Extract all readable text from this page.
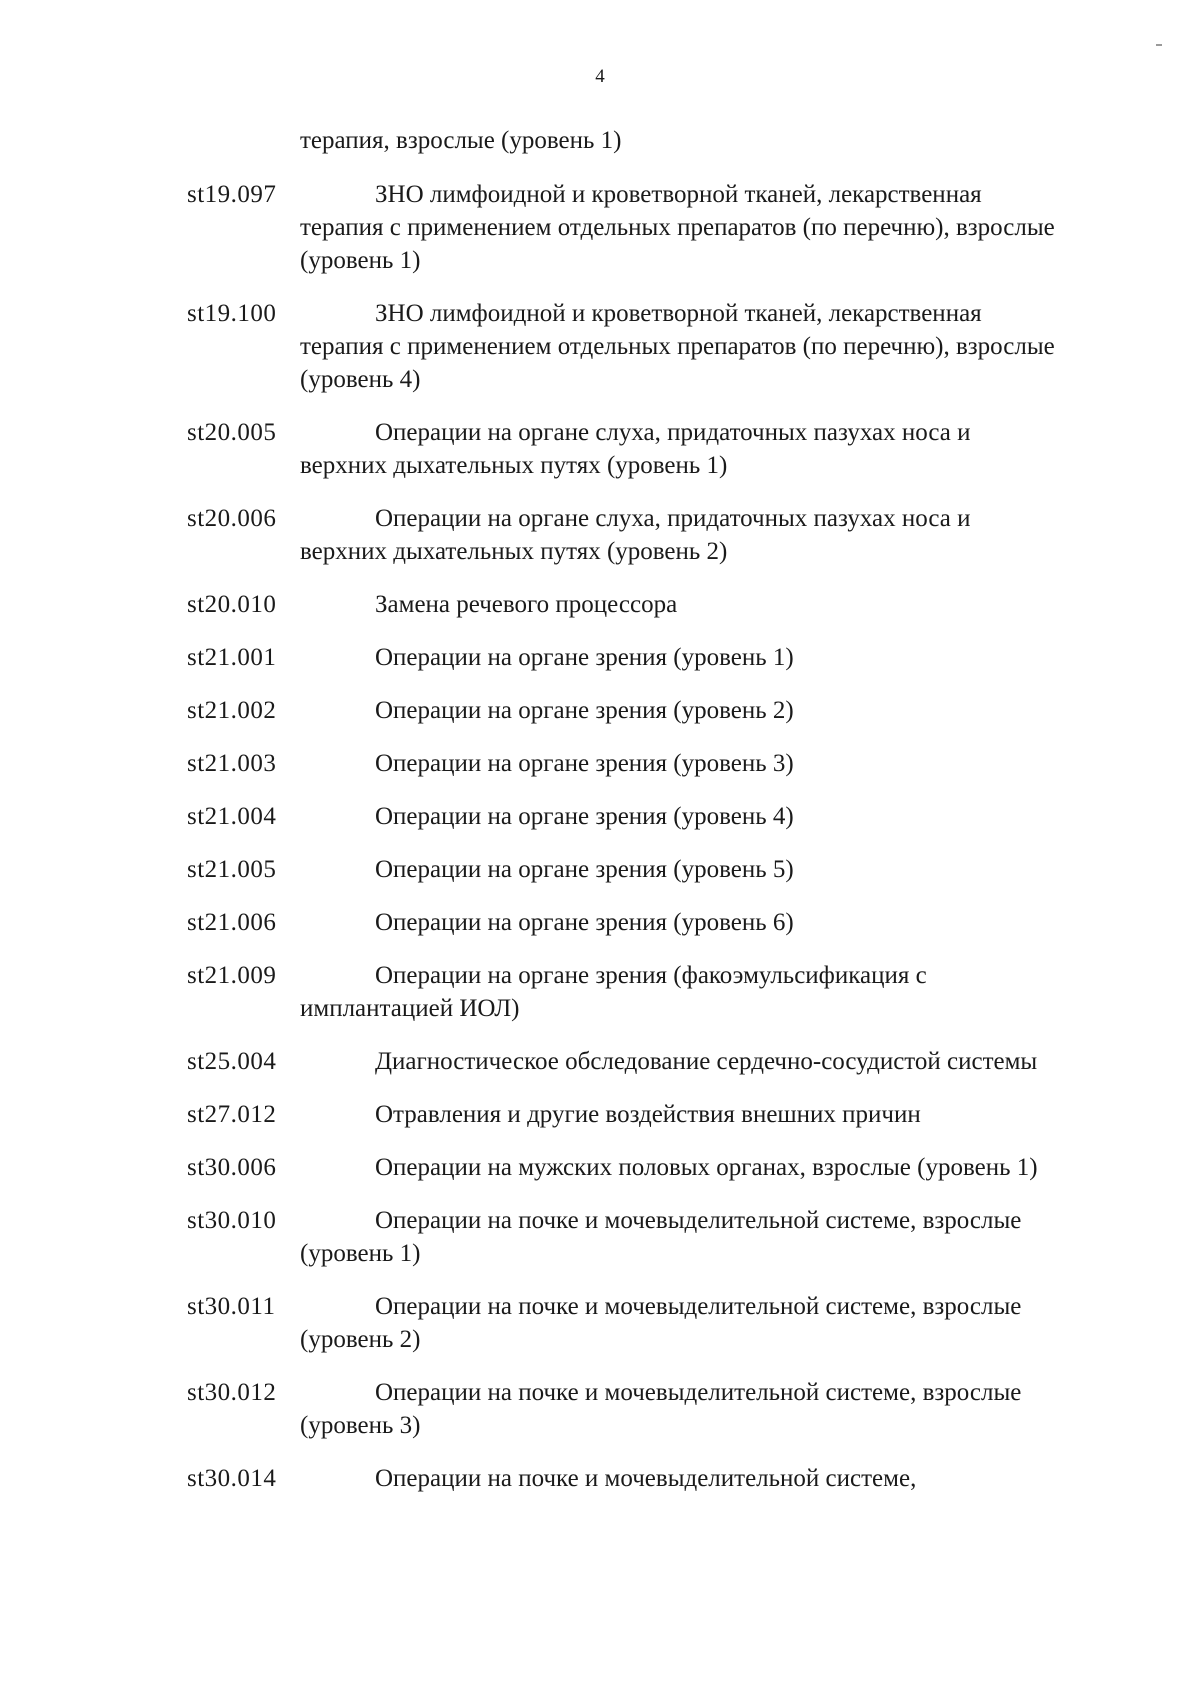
4
терапия, взрослые (уровень 1)
st19.097	ЗНО лимфоидной и кроветворной тканей, лекарственная терапия с применением отдельных препаратов (по перечню), взрослые (уровень 1)
st19.100	ЗНО лимфоидной и кроветворной тканей, лекарственная терапия с применением отдельных препаратов (по перечню), взрослые (уровень 4)
st20.005	Операции на органе слуха, придаточных пазухах носа и верхних дыхательных путях (уровень 1)
st20.006	Операции на органе слуха, придаточных пазухах носа и верхних дыхательных путях (уровень 2)
st20.010	Замена речевого процессора
st21.001	Операции на органе зрения (уровень 1)
st21.002	Операции на органе зрения (уровень 2)
st21.003	Операции на органе зрения (уровень 3)
st21.004	Операции на органе зрения (уровень 4)
st21.005	Операции на органе зрения (уровень 5)
st21.006	Операции на органе зрения (уровень 6)
st21.009	Операции на органе зрения (факоэмульсификация с имплантацией ИОЛ)
st25.004	Диагностическое обследование сердечно-сосудистой системы
st27.012	Отравления и другие воздействия внешних причин
st30.006	Операции на мужских половых органах, взрослые (уровень 1)
st30.010	Операции на почке и мочевыделительной системе, взрослые (уровень 1)
st30.011	Операции на почке и мочевыделительной системе, взрослые (уровень 2)
st30.012	Операции на почке и мочевыделительной системе, взрослые (уровень 3)
st30.014	Операции на почке и мочевыделительной системе,
